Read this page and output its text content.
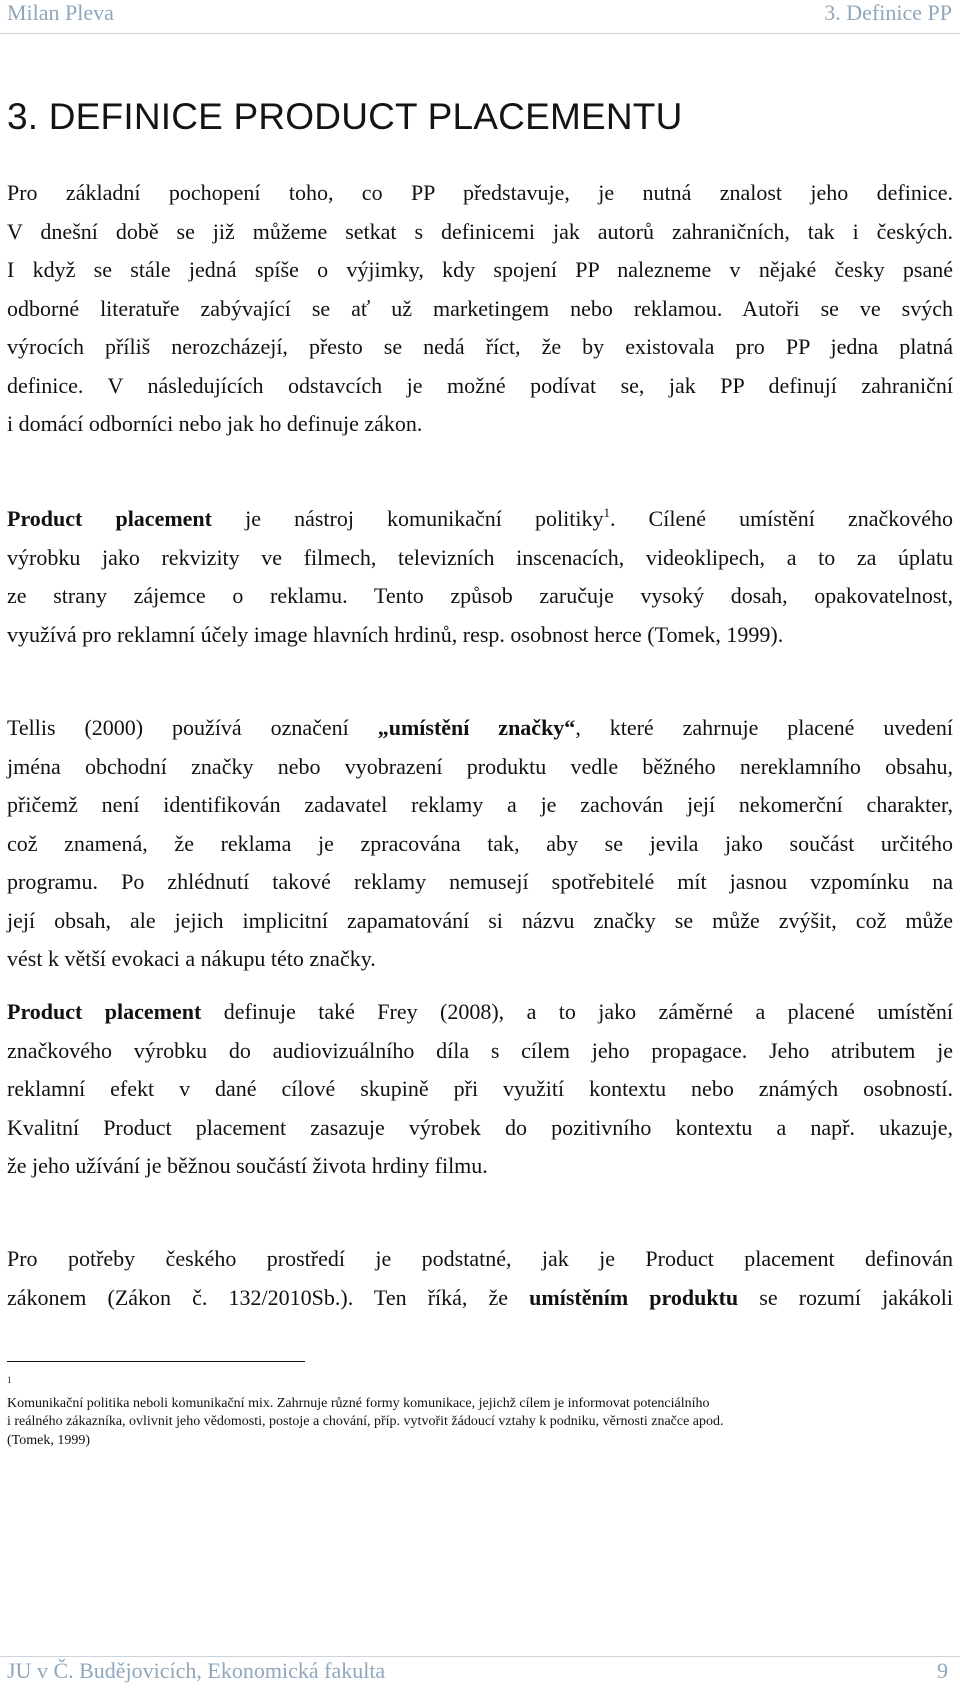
Milan Pleva	3. Definice PP
3. DEFINICE PRODUCT PLACEMENTU
Pro základní pochopení toho, co PP představuje, je nutná znalost jeho definice.
V dnešní době se již můžeme setkat s definicemi jak autorů zahraničních, tak i českých.
I když se stále jedná spíše o výjimky, kdy spojení PP nalezneme v nějaké česky psané
odborné literatuře zabývající se ať už marketingem nebo reklamou. Autoři se ve svých
výrocích příliš nerozcházejí, přesto se nedá říct, že by existovala pro PP jedna platná
definice. V následujících odstavcích je možné podívat se, jak PP definují zahraniční
i domácí odborníci nebo jak ho definuje zákon.
Product placement je nástroj komunikační politiky$^1$. Cílené umístění značkového
výrobku jako rekvizity ve filmech, televizních inscenacích, videoklipech, a to za úplatu
ze strany zájemce o reklamu. Tento způsob zaručuje vysoký dosah, opakovatelnost,
využívá pro reklamní účely image hlavních hrdinů, resp. osobnost herce (Tomek, 1999).
Tellis (2000) používá označení „umístění značky“, které zahrnuje placené uvedení
jména obchodní značky nebo vyobrazení produktu vedle běžného nereklamního obsahu,
přičemž není identifikován zadavatel reklamy a je zachován její nekomerční charakter,
což znamená, že reklama je zpracována tak, aby se jevila jako součást určitého
programu. Po zhlédnutí takové reklamy nemusejí spotřebitelé mít jasnou vzpomínku na
její obsah, ale jejich implicitní zapamatování si názvu značky se může zvýšit, což může
vést k větší evokaci a nákupu této značky.
Product placement definuje také Frey (2008), a to jako záměrné a placené umístění
značkového výrobku do audiovizuálního díla s cílem jeho propagace. Jeho atributem je
reklamní efekt v dané cílové skupině při využití kontextu nebo známých osobností.
Kvalitní Product placement zasazuje výrobek do pozitivního kontextu a např. ukazuje,
že jeho užívání je běžnou součástí života hrdiny filmu.
Pro potřeby českého prostředí je podstatné, jak je Product placement definován
zákonem (Zákon č. 132/2010Sb.). Ten říká, že umístěním produktu se rozumí jakákoli
$^1$
Komunikační politika neboli komunikační mix. Zahrnuje různé formy komunikace, jejichž cílem je informovat potenciálního
i reálného zákazníka, ovlivnit jeho vědomosti, postoje a chování, příp. vytvořit žádoucí vztahy k podniku, věrnosti značce apod.
(Tomek, 1999)
JU v Č. Budějovicích, Ekonomická fakulta	9
